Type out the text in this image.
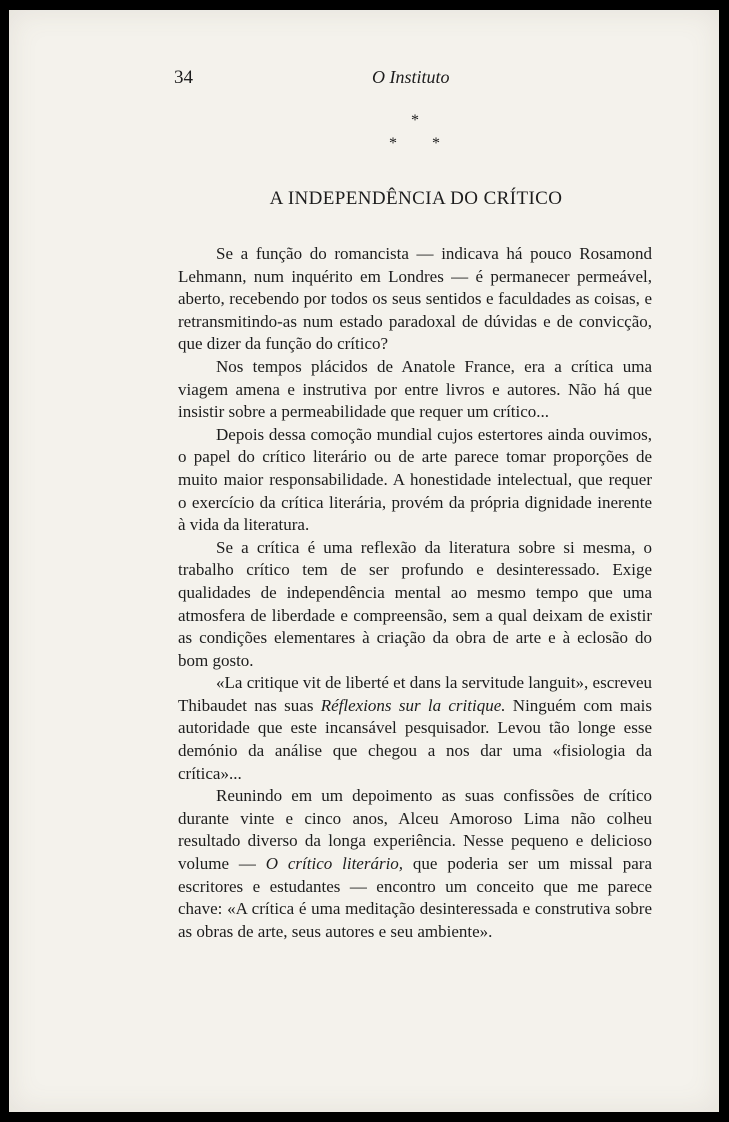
34	O Instituto

*

* *

A INDEPENDÊNCIA DO CRÍTICO

Se a função do romancista — indicava há pouco Rosamond Lehmann, num inquérito em Londres — é permanecer permeável, aberto, recebendo por todos os seus sentidos e faculdades as coisas, e retransmitindo-as num estado paradoxal de dúvidas e de convicção, que dizer da função do crítico?

Nos tempos plácidos de Anatole France, era a crítica uma viagem amena e instrutiva por entre livros e autores. Não há que insistir sobre a permeabilidade que requer um crítico...

Depois dessa comoção mundial cujos estertores ainda ouvimos, o papel do crítico literário ou de arte parece tomar proporções de muito maior responsabilidade. A honestidade intelectual, que requer o exercício da crítica literária, provém da própria dignidade inerente à vida da literatura.

Se a crítica é uma reflexão da literatura sobre si mesma, o trabalho crítico tem de ser profundo e desinteressado. Exige qualidades de independência mental ao mesmo tempo que uma atmosfera de liberdade e compreensão, sem a qual deixam de existir as condições elementares à criação da obra de arte e à eclosão do bom gosto.

«La critique vit de liberté et dans la servitude languit», escreveu Thibaudet nas suas Réflexions sur la critique. Ninguém com mais autoridade que este incansável pesquisador. Levou tão longe esse demónio da análise que chegou a nos dar uma «fisiologia da crítica»...

Reunindo em um depoimento as suas confissões de crítico durante vinte e cinco anos, Alceu Amoroso Lima não colheu resultado diverso da longa experiência. Nesse pequeno e delicioso volume — O crítico literário, que poderia ser um missal para escritores e estudantes — encontro um conceito que me parece chave: «A crítica é uma meditação desinteressada e construtiva sobre as obras de arte, seus autores e seu ambiente».
